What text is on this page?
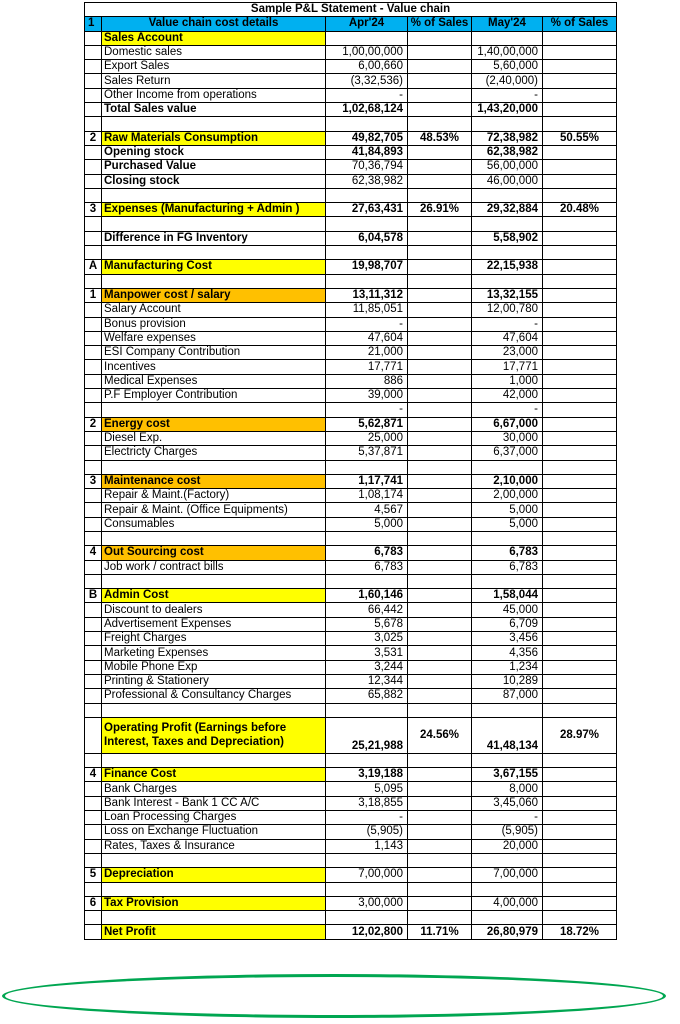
Sample P&L Statement - Value chain					
1	Value chain cost details	Apr'24	% of Sales	May'24	% of Sales
	Sales Account				
	Domestic sales	1,00,00,000		1,40,00,000	
	Export Sales	6,00,660		5,60,000	
	Sales Return	(3,32,536)		(2,40,000)	
	Other Income from operations	-		-	
	Total Sales value	1,02,68,124		1,43,20,000	

2	Raw Materials Consumption	49,82,705	48.53%	72,38,982	50.55%
	Opening stock	41,84,893		62,38,982	
	Purchased Value	70,36,794		56,00,000	
	Closing stock	62,38,982		46,00,000	

3	Expenses (Manufacturing + Admin )	27,63,431	26.91%	29,32,884	20.48%

	Difference in FG Inventory	6,04,578		5,58,902	

A	Manufacturing Cost	19,98,707		22,15,938	

1	Manpower cost / salary	13,11,312		13,32,155	
	Salary Account	11,85,051		12,00,780	
	Bonus provision	-		-	
	Welfare expenses	47,604		47,604	
	ESI Company Contribution	21,000		23,000	
	Incentives	17,771		17,771	
	Medical Expenses	886		1,000	
	P.F Employer Contribution	39,000		42,000	
		-		-	
2	Energy cost	5,62,871		6,67,000	
	Diesel Exp.	25,000		30,000	
	Electricty Charges	5,37,871		6,37,000	

3	Maintenance cost	1,17,741		2,10,000	
	Repair & Maint.(Factory)	1,08,174		2,00,000	
	Repair & Maint. (Office Equipments)	4,567		5,000	
	Consumables	5,000		5,000	

4	Out Sourcing cost	6,783		6,783	
	Job work / contract bills	6,783		6,783	

B	Admin Cost	1,60,146		1,58,044	
	Discount to dealers	66,442		45,000	
	Advertisement Expenses	5,678		6,709	
	Freight Charges	3,025		3,456	
	Marketing Expenses	3,531		4,356	
	Mobile Phone Exp	3,244		1,234	
	Printing & Stationery	12,344		10,289	
	Professional & Consultancy Charges	65,882		87,000	

	Operating Profit (Earnings before Interest, Taxes and Depreciation)	25,21,988	24.56%	41,48,134	28.97%

4	Finance Cost	3,19,188		3,67,155	
	Bank Charges	5,095		8,000	
	Bank Interest - Bank 1 CC A/C	3,18,855		3,45,060	
	Loan Processing Charges	-		-	
	Loss on Exchange Fluctuation	(5,905)		(5,905)	
	Rates, Taxes & Insurance	1,143		20,000	

5	Depreciation	7,00,000		7,00,000	

6	Tax Provision	3,00,000		4,00,000	

	Net Profit	12,02,800	11.71%	26,80,979	18.72%
